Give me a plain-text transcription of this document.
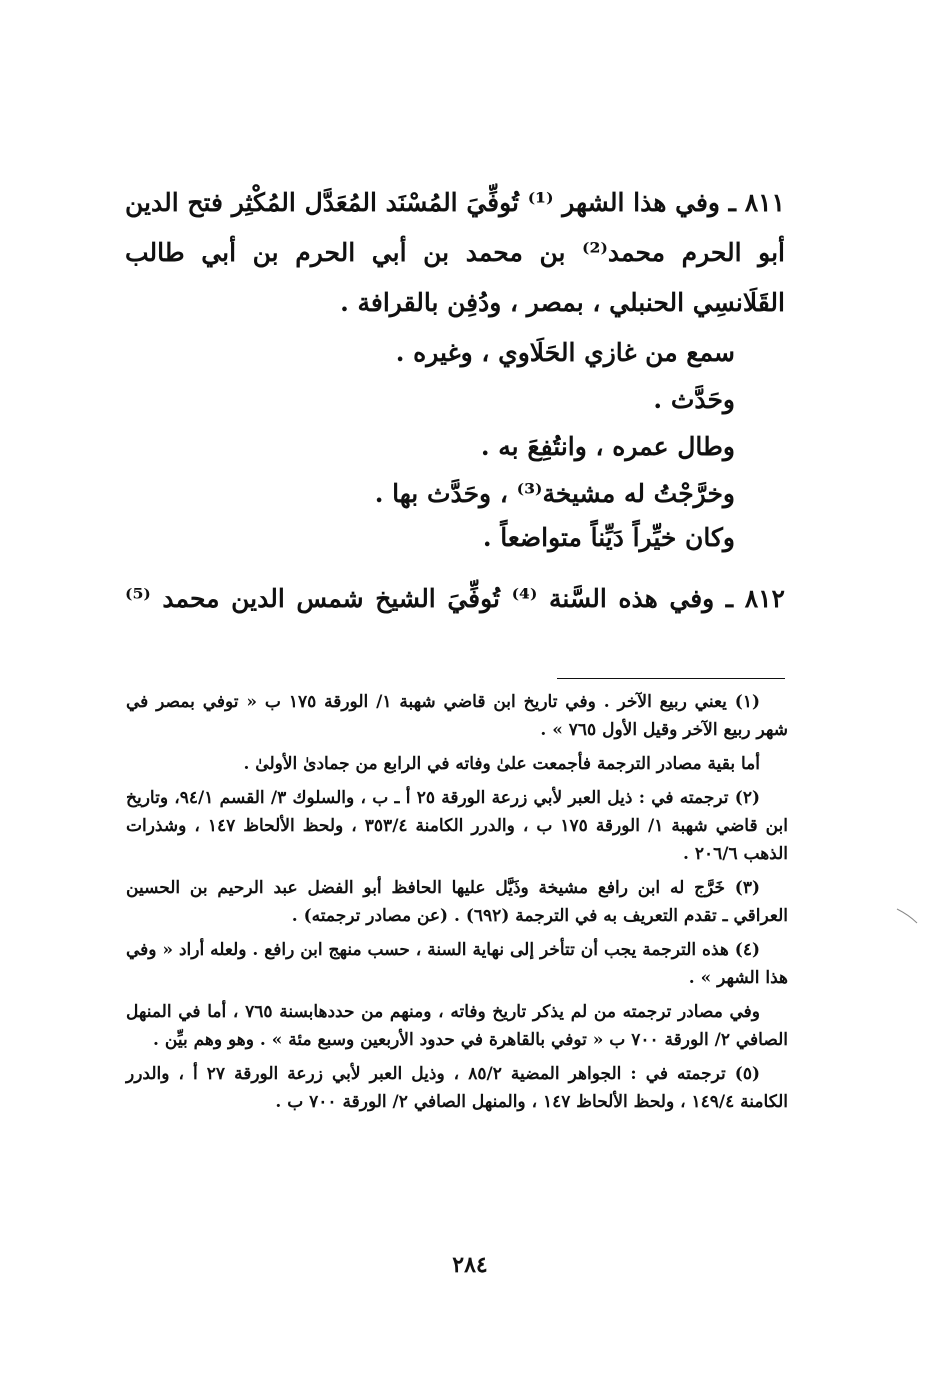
٨١١ ـ وفي هذا الشهر ⁽¹⁾ تُوفِّيَ المُسْنَد المُعَدَّل المُكْثِر فتح الدين أبو الحرم محمد⁽²⁾ بن محمد بن أبي الحرم بن أبي طالب القَلَانسِي الحنبلي ، بمصر ، ودُفِن بالقرافة .

سمع من غازي الحَلَاوي ، وغيره .

وحَدَّث .

وطال عمره ، وانتُفِعَ به .

وخرَّجْتُ له مشيخة⁽³⁾ ، وحَدَّث بها .

وكان خيِّراً دَيِّناً متواضعاً .

٨١٢ ـ وفي هذه السَّنة ⁽⁴⁾ تُوفِّيَ الشيخ شمس الدين محمد ⁽⁵⁾

(١) يعني ربيع الآخر . وفي تاريخ ابن قاضي شهبة ١/ الورقة ١٧٥ ب « توفي بمصر في شهر ربيع الآخر وقيل الأول ٧٦٥ » .

أما بقية مصادر الترجمة فأجمعت علىٰ وفاته في الرابع من جمادىٰ الأولىٰ .

(٢) ترجمته في : ذيل العبر لأبي زرعة الورقة ٢٥ أ ـ ب ، والسلوك ٣/ القسم ٩٤/١، وتاريخ ابن قاضي شهبة ١/ الورقة ١٧٥ ب ، والدرر الكامنة ٣٥٣/٤ ، ولحظ الألحاظ ١٤٧ ، وشذرات الذهب ٢٠٦/٦ .

(٣) خَرَّج له ابن رافع مشيخة وذَيَّل عليها الحافظ أبو الفضل عبد الرحيم بن الحسين العراقي ـ تقدم التعريف به في الترجمة (٦٩٢) . (عن مصادر ترجمته) .

(٤) هذه الترجمة يجب أن تتأخر إلى نهاية السنة ، حسب منهج ابن رافع . ولعله أراد « وفي هذا الشهر » .

وفي مصادر ترجمته من لم يذكر تاريخ وفاته ، ومنهم من حددهابسنة ٧٦٥ ، أما في المنهل الصافي ٢/ الورقة ٧٠٠ ب « توفي بالقاهرة في حدود الأربعين وسبع مئة » . وهو وهم بيِّن .

(٥) ترجمته في : الجواهر المضية ٨٥/٢ ، وذيل العبر لأبي زرعة الورقة ٢٧ أ ، والدرر الكامنة ١٤٩/٤ ، ولحظ الألحاظ ١٤٧ ، والمنهل الصافي ٢/ الورقة ٧٠٠ ب .

٢٨٤
